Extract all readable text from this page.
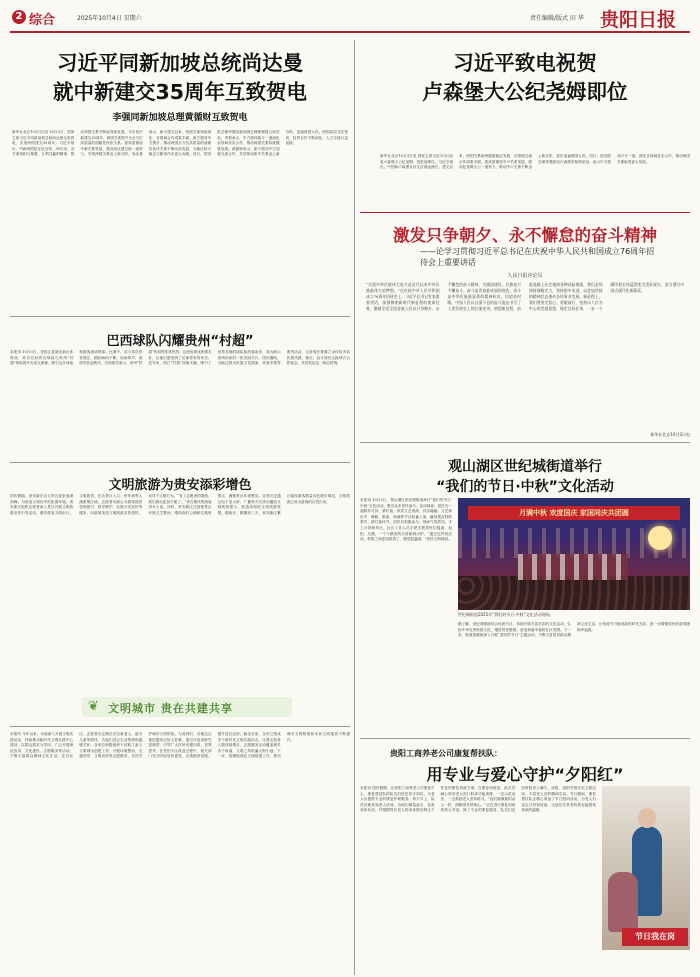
2 综合	2025年10月4日 星期六	责任编辑/版式 田 华 贵阳日报
习近平同新加坡总统尚达曼
就中新建交35周年互致贺电
李强同新加坡总理黄循财互致贺电
新华社北京10月3日电 10月3日，国家主席习近平同新加坡总统尚达曼互致贺电，庆祝两国建交35周年。习近平指出，中新两国是友好近邻，35年来，双方秉持相互尊重、互利共赢的精神，推动两国关系不断取得新发展。今年是中新建交35周年，两国关系提升为全方位高质量的前瞻性伙伴关系。我高度重视中新关系发展，愿同尚达曼总统一道努力，引领两国关系迈上新台阶。尚达曼表示，新中建交以来，两国关系持续深化，各领域合作成果丰硕。新方愿同中方携手，推动两国全方位高质量的前瞻性伙伴关系不断向前发展，为地区和平稳定与繁荣作出更大贡献。同日，国务院总理李强同新加坡总理黄循财互致贺电。李强表示，中方愿同新方一道深化各领域务实合作，推动两国关系持续健康发展。黄循财表示，新方愿同中方加强交流合作，共同推动新中关系迈上新台阶，造福两国人民。两国高层交往密切，经贸合作不断深化，人文交流日益活跃。
习近平致电祝贺
卢森堡大公纪尧姆即位
新华社北京10月3日电 国家主席习近平3日致电卢森堡大公纪尧姆，祝贺他即位。习近平指出，中国和卢森堡友好交往源远流长。建交以来，两国关系始终健康稳定发展，各领域交流合作成果丰硕。我高度重视中卢关系发展，愿同纪尧姆大公一道努力，推动中卢关系不断迈上新台阶，更好造福两国人民。同日，国务院总理李强致电卢森堡首相弗里登，表示中方愿同卢方一道，深化各领域务实合作，推动两国关系取得更大发展。
激发只争朝夕、永不懈怠的奋斗精神
——论学习贯彻习近平总书记在庆祝中华人民共和国成立76周年招待会上重要讲话
人民日报评论员
“实现中华民族伟大复兴是近代以来中华民族最伟大的梦想。”在庆祝中华人民共和国成立76周年招待会上，习近平总书记发表重要讲话，深刻阐明新时代新征程的使命任务，激励全党全国各族人民以只争朝夕、永不懈怠的奋斗精神，为强国建设、民族复兴不懈奋斗。奋斗是青春最亮丽的底色，奋斗是中华民族最显著的精神标识。回望来时路，中国人民以自强不息的奋斗姿态书写了人类发展史上的壮丽史诗。展望新征程，前进道路上还会遇到各种风险挑战，我们必须保持战略定力，坚持稳中求进，以更加昂扬的精神状态推动各项事业发展。新征程上，我们要坚定信心、勇毅前行，坚持以人民为中心的发展思想，锚定目标任务，一步一个脚印把宏伟蓝图变为美好现实，奋力谱写中国式现代化新篇章。
新华社北京10月3日电
巴西球队闪耀贵州“村超”
本报讯 10月3日，在榕江县城北新区体育场，来自巴西的足球队与贵州“村超”球队展开友谊交流赛，吸引众多球迷和游客到场观赛。比赛中，双方球员你来我往，精彩瞬间不断，现场掌声、欢呼声此起彼伏。巴西球员表示，贵州“村超”的氛围非常热烈，这里的球迷热情友好，让他们感受到了足球带来的快乐。近年来，榕江“村超”持续火爆，吸引了世界各地的球队和游客前来，成为展示贵州形象的一张亮丽名片。国庆期间，当地还推出民族文化展演、美食市集等系列活动，让游客在观赛之余体验多彩民族风情。赛后，双方球员互换球衣合影留念，共同见证这一难忘时刻。
文明旅游为贵安添彩增色
国庆假期，贵安新区各大景区迎来客流高峰。为营造文明有序的旅游环境，贵安新区组织志愿者深入景区开展文明旅游宣传引导活动，倡导游客文明出行、文明观景。在各景区入口、停车场等人流密集区域，志愿者们耐心为游客提供咨询指引、秩序维护、垃圾分类宣传等服务，向游客发放文明旅游宣传资料，劝导不文明行为。“有了志愿者的帮助，我们游玩更加方便了。”来自重庆的游客李女士说。同时，贵安新区还加强景区环境卫生整治，增设临时公厕和垃圾收集点，确保景区环境整洁。各景区还通过电子显示屏、广播等方式滚动播放文明旅游提示，营造浓厚的文明旅游氛围。据统计，假期前三天，贵安新区累计接待游客数量同比增长明显，文明旅游已成为游客的自觉行动。
❦ 文明城市 贵在共建共享
本报讯 今年以来，各地深入开展文明实践活动，持续推动新时代文明实践中心建设，以群众需求为导向，广泛开展理论宣讲、文化惠民、志愿服务等活动，不断丰富群众精神文化生活。在各社区，志愿者们定期走访空巢老人、留守儿童等群体，为他们送去生活物资和温暖关怀。各单位积极组织干部职工参与文明城市创建工作，开展环境整治、交通劝导、文明宣传等志愿服务，共同守护城市文明形象。与此同时，各地还注重挖掘身边好人好事，通过评选表彰先进典型，引导广大市民崇德向善、见贤思齐。在老旧小区改造过程中，相关部门充分听取居民意见，完善配套设施，提升居住品质。截至目前，全市已建成多个新时代文明实践站点，注册志愿者人数持续增长，志愿服务活动覆盖城乡各个角落，文明之风吹遍大街小巷。下一步，将继续深化文明创建工作，推动城市文明程度和市民文明素质不断提升。
观山湖区世纪城街道举行
“我们的节日·中秋”文化活动
本报讯 10月3日，观山湖区世纪城街道举行“我们的节日·中秋”文化活动，吸引众多居民参与。活动现场，居民们一起制作月饼、猜灯谜、欣赏文艺表演，其乐融融。文艺演出中，舞蹈、歌曲、朗诵等节目轮番上演，赢得观众阵阵掌声。猜灯谜环节，居民们积极参与，现场气氛热烈。手工月饼制作区，社区工作人员手把手教居民们揉面、包馅、压模，一个个精美的月饼新鲜出炉。“通过这样的活动，邻里之间更加熟悉了，感觉很温暖。”居民王阿姨说。
月满中秋 欢度国庆 家国同庆共团圆
世纪城街道2025年“我们的节日·中秋”文化活动现场。
据了解，世纪城街道结合传统节日，持续开展丰富多彩的文化活动，弘扬中华优秀传统文化，增进邻里感情，营造和谐幸福的社区氛围。下一步，街道将继续深入开展“我们的节日”主题活动，不断丰富居民群众精神文化生活，让传统节日焕发新的时代光彩，进一步增强居民的获得感和幸福感。
贵阳工商养老公司康复帮扶队：
用专业与爱心守护“夕阳红”
本报讯 国庆假期，在贵阳工商养老公司康复中心，康复帮扶队的队员们依旧坚守岗位，为老人们提供专业的康复护理服务。每天早上，队员们便来到老人房间，为他们测量血压、检查身体状况，并根据每位老人的身体情况制定个性化的康复训练方案。在康复训练室，队员们耐心指导老人进行肢体功能训练，一边示范动作，一边鼓励老人坚持练习。“他们就像我的亲人一样，照顾得非常细心。”正在进行康复训练的张大爷说。除了专业的康复服务，队员们还经常陪老人聊天、读报，组织开展各类文娱活动，丰富老人们的精神生活。节日期间，康复帮扶队还精心准备了节日慰问活动，为老人们送去月饼和祝福，让他们在养老机构也能感受到家的温暖。
节日我在岗
